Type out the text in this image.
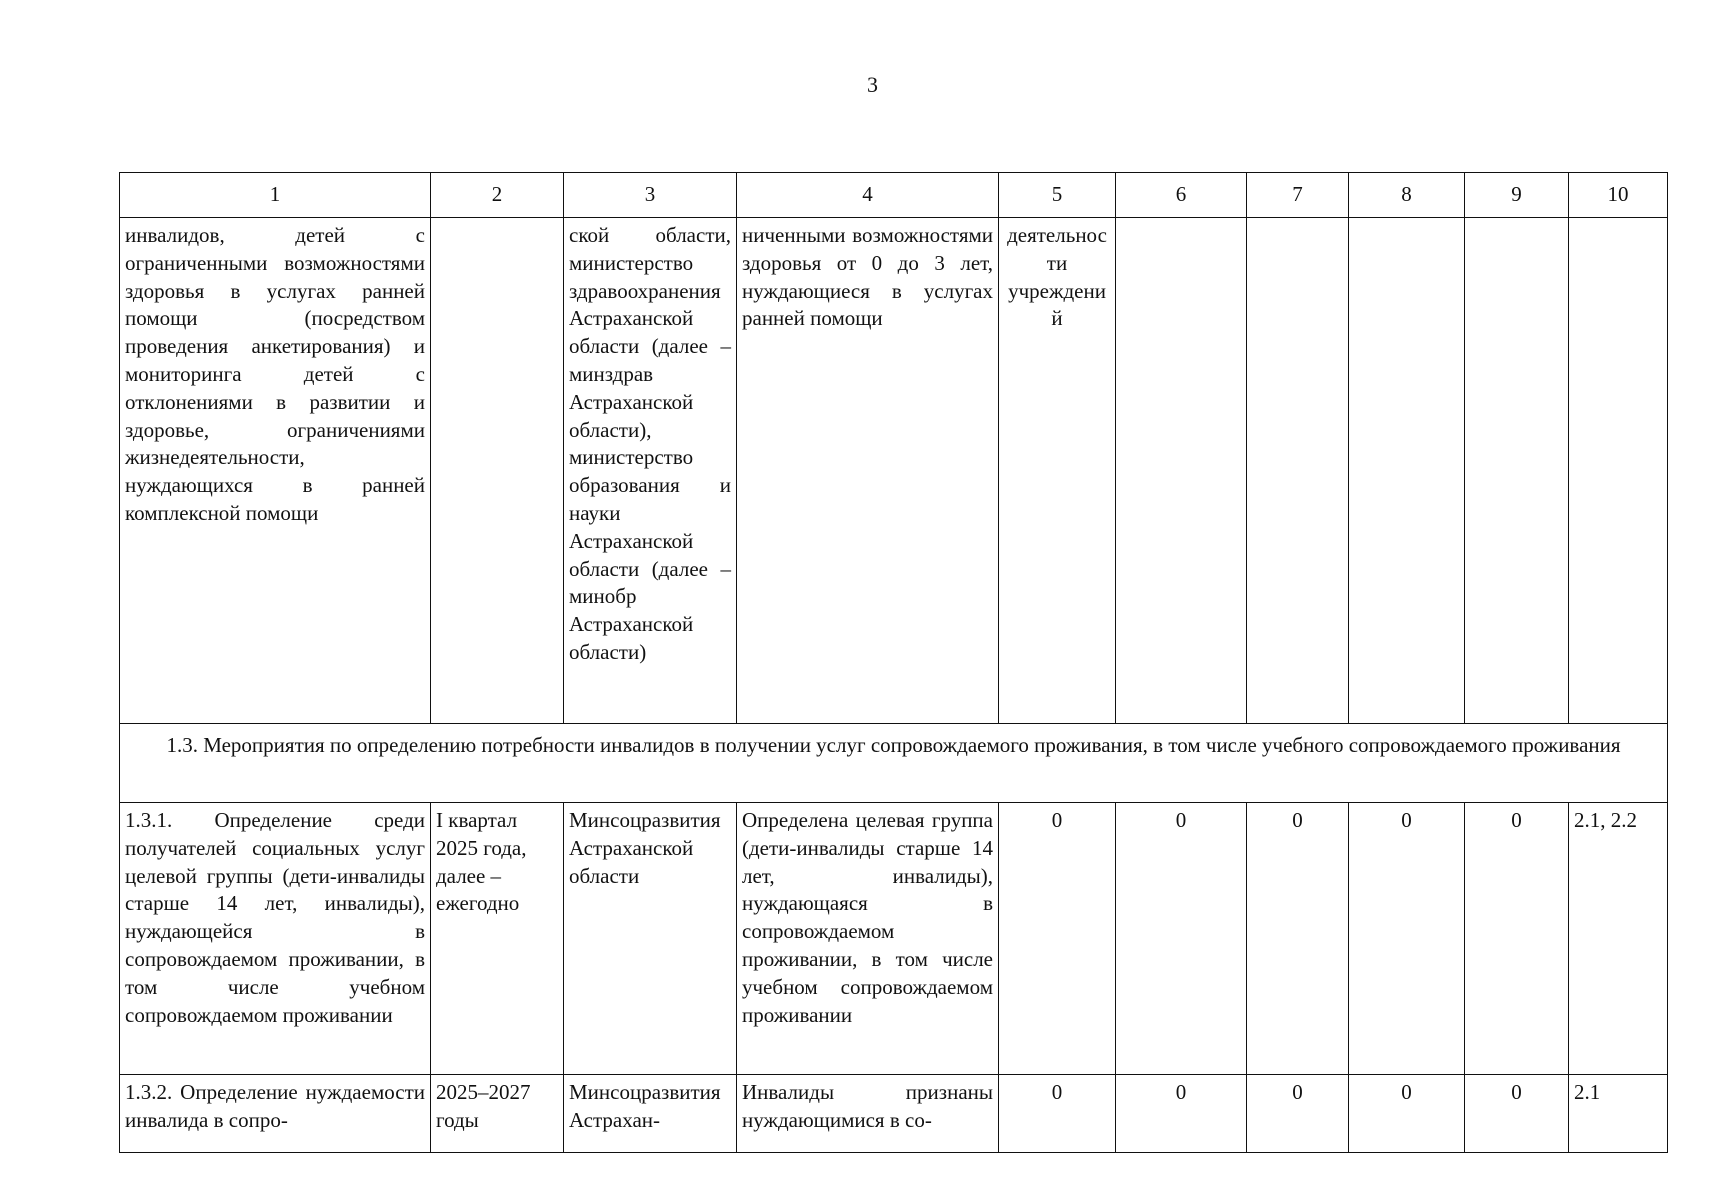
3
1	2	3	4	5	6	7	8	9	10
инвалидов, детей с ограниченными возможностями здоровья в услугах ранней помощи (посредством проведения анкетирования) и мониторинга детей с отклонениями в развитии и здоровье, ограничениями жизнедеятельности, нуждающихся в ранней комплексной помощи		ской области, министерство здравоохранения Астраханской области (далее – минздрав Астраханской области), министерство образования и науки Астраханской области (далее – минобр Астраханской области)	ниченными возможностями здоровья от 0 до 3 лет, нуждающиеся в услугах ранней помощи	деятельности учреждений					
1.3. Мероприятия по определению потребности инвалидов в получении услуг сопровождаемого проживания, в том числе учебного сопровождаемого проживания									
1.3.1. Определение среди получателей социальных услуг целевой группы (дети-инвалиды старше 14 лет, инвалиды), нуждающейся в сопровождаемом проживании, в том числе учебном сопровождаемом проживании	I квартал 2025 года, далее – ежегодно	Минсоцразвития Астраханской области	Определена целевая группа (дети-инвалиды старше 14 лет, инвалиды), нуждающаяся в сопровождаемом проживании, в том числе учебном сопровождаемом проживании	0	0	0	0	0	2.1, 2.2
1.3.2. Определение нуждаемости инвалида в сопро-	2025–2027 годы	Минсоцразвития Астрахан-	Инвалиды признаны нуждающимися в со-	0	0	0	0	0	2.1
